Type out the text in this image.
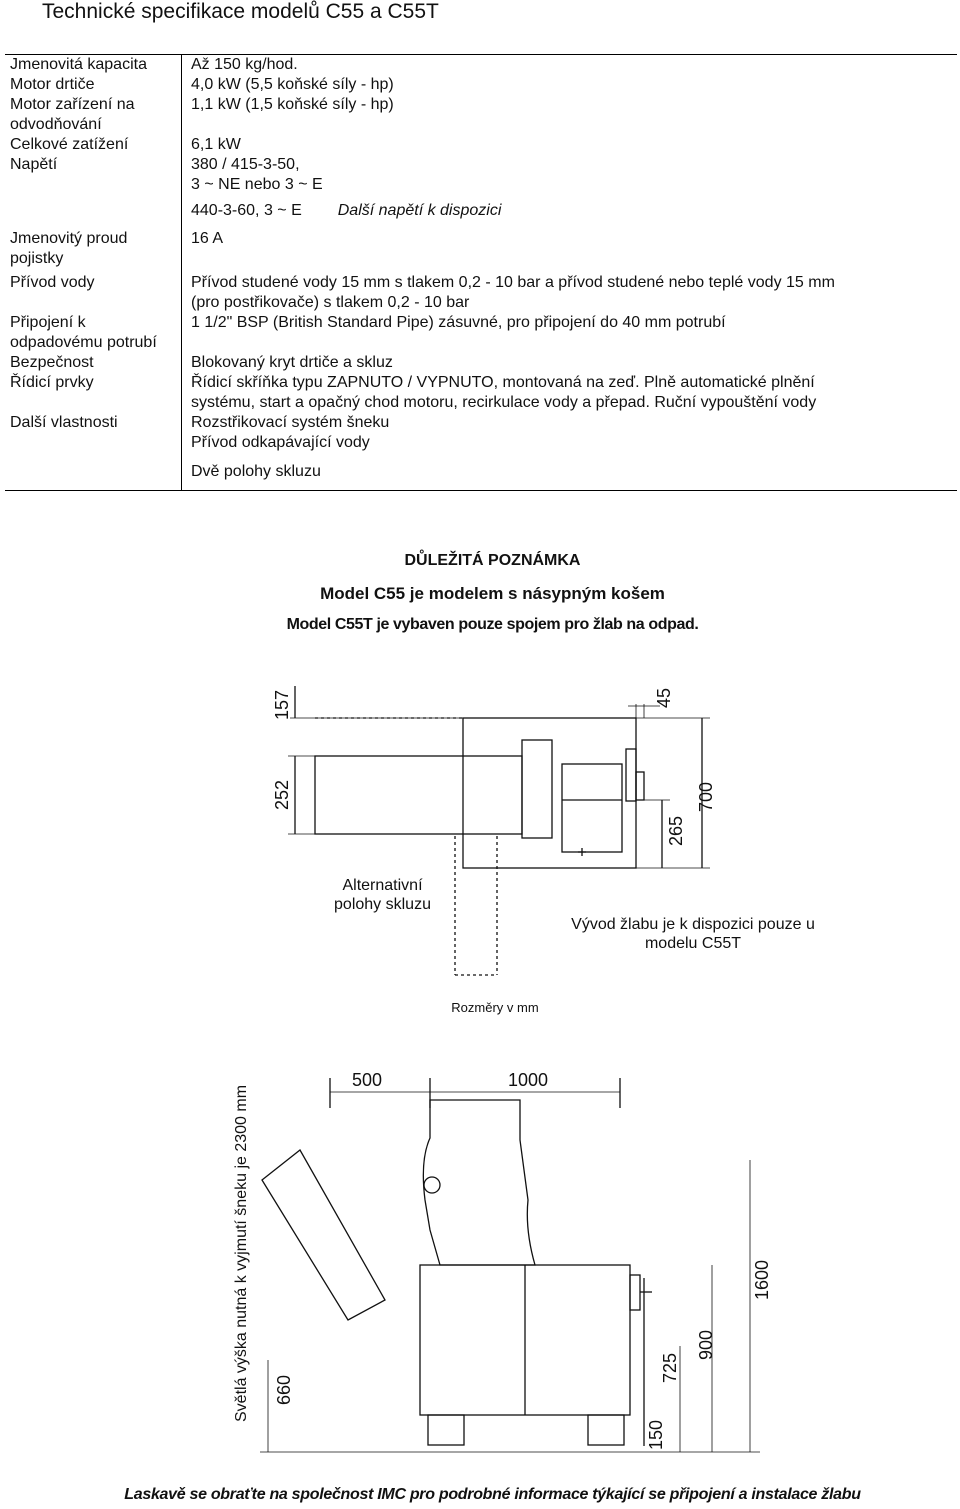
Technické specifikace modelů C55 a C55T
Jmenovitá kapacita	Až 150 kg/hod.

Motor drtiče	4,0 kW (5,5 koňské síly - hp)

Motor zařízení na odvodňování	1,1 kW (1,5 koňské síly - hp)

Celkové zatížení	6,1 kW

Napětí	380 / 415-3-50,
3 ~ NE nebo 3 ~ E
440-3-60, 3 ~ E Další napětí k dispozici

Jmenovitý proud pojistky	16 A

Přívod vody	Přívod studené vody 15 mm s tlakem 0,2 - 10 bar a přívod studené nebo teplé vody 15 mm
(pro postřikovače) s tlakem 0,2 - 10 bar

Připojení k odpadovému potrubí	1 1/2" BSP (British Standard Pipe) zásuvné, pro připojení do 40 mm potrubí

Bezpečnost	Blokovaný kryt drtiče a skluz

Řídicí prvky	Řídicí skříňka typu ZAPNUTO / VYPNUTO, montovaná na zeď. Plně automatické plnění
systému, start a opačný chod motoru, recirkulace vody a přepad. Ruční vypouštění vody

Další vlastnosti	Rozstřikovací systém šneku
Přívod odkapávající vody
Dvě polohy skluzu

DŮLEŽITÁ POZNÁMKA
Model C55 je modelem s násypným košem
Model C55T je vybaven pouze spojem pro žlab na odpad.
157
252
45
700
265
500	1000
1600
900
725
660
150
Alternativní polohy skluzu
Vývod žlabu je k dispozici pouze u modelu C55T
Rozměry v mm
Světlá výška nutná k vyjmutí šneku je 2300 mm
Laskavě se obraťte na společnost IMC pro podrobné informace týkající se připojení a instalace žlabu
